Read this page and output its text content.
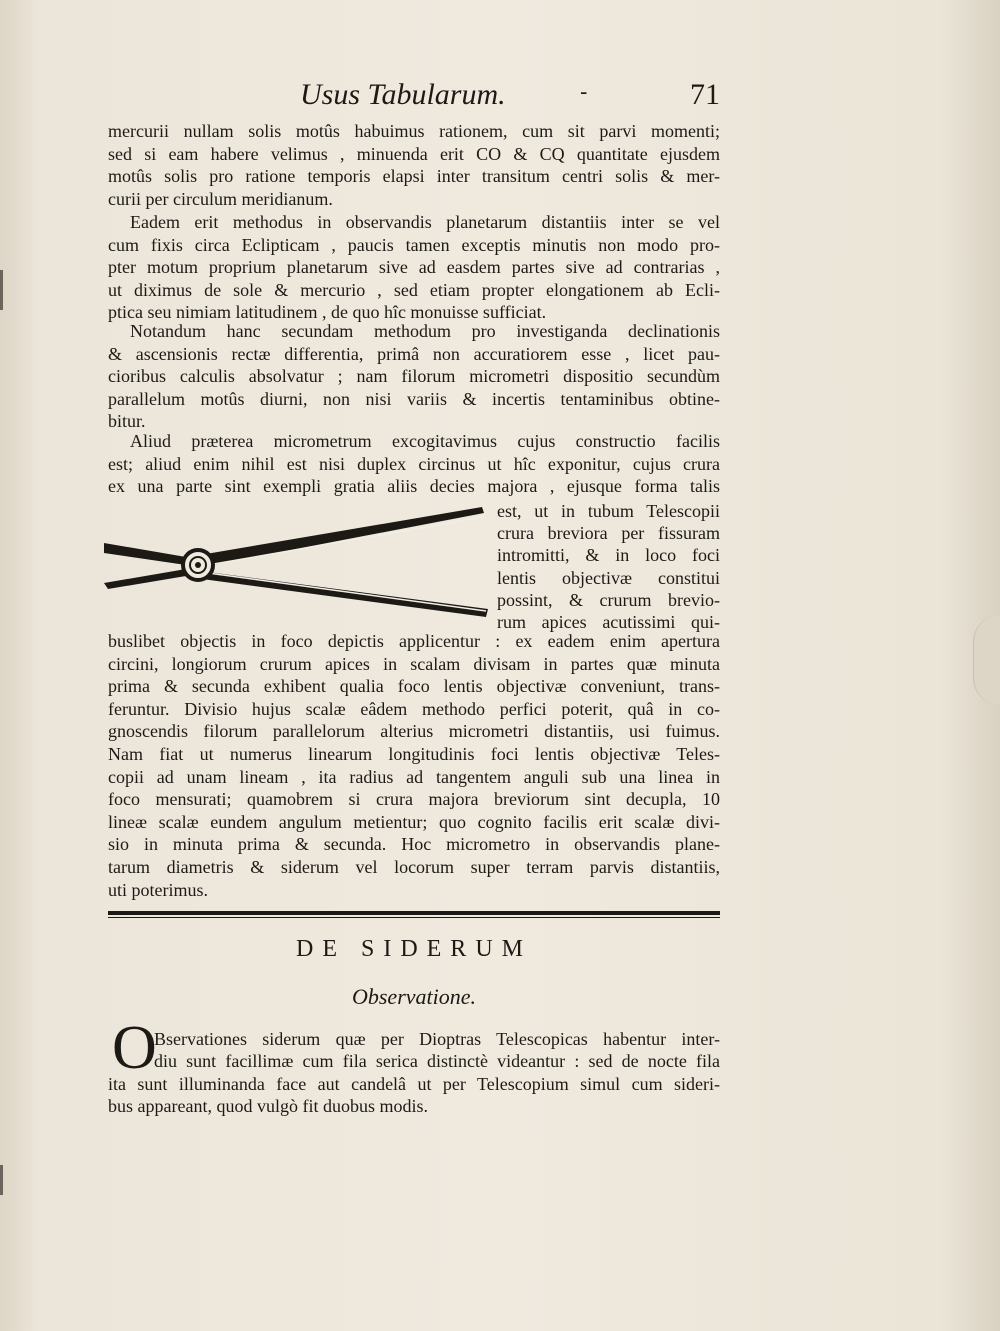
Usus Tabularum.	-	71
mercurii nullam solis motûs habuimus rationem, cum sit parvi momenti;
sed si eam habere velimus , minuenda erit CO & CQ quantitate ejusdem
motûs solis pro ratione temporis elapsi inter transitum centri solis & mer-
curii per circulum meridianum.
Eadem erit methodus in observandis planetarum distantiis inter se vel
cum fixis circa Eclipticam , paucis tamen exceptis minutis non modo pro-
pter motum proprium planetarum sive ad easdem partes sive ad contrarias ,
ut diximus de sole & mercurio , sed etiam propter elongationem ab Ecli-
ptica seu nimiam latitudinem , de quo hîc monuisse sufficiat.
Notandum hanc secundam methodum pro investiganda declinationis
& ascensionis rectæ differentia, primâ non accuratiorem esse , licet pau-
cioribus calculis absolvatur ; nam filorum micrometri dispositio secundùm
parallelum motûs diurni, non nisi variis & incertis tentaminibus obtine-
bitur.
Aliud præterea micrometrum excogitavimus cujus constructio facilis
est; aliud enim nihil est nisi duplex circinus ut hîc exponitur, cujus crura
ex una parte sint exempli gratia aliis decies majora , ejusque forma talis
est, ut in tubum Telescopii
crura breviora per fissuram
intromitti, & in loco foci
lentis objectivæ constitui
possint, & crurum brevio-
rum apices acutissimi qui-
buslibet objectis in foco depictis applicentur : ex eadem enim apertura
circini, longiorum crurum apices in scalam divisam in partes quæ minuta
prima & secunda exhibent qualia foco lentis objectivæ conveniunt, trans-
feruntur. Divisio hujus scalæ eâdem methodo perfici poterit, quâ in co-
gnoscendis filorum parallelorum alterius micrometri distantiis, usi fuimus.
Nam fiat ut numerus linearum longitudinis foci lentis objectivæ Teles-
copii ad unam lineam , ita radius ad tangentem anguli sub una linea in
foco mensurati; quamobrem si crura majora breviorum sint decupla, 10
lineæ scalæ eundem angulum metientur; quo cognito facilis erit scalæ divi-
sio in minuta prima & secunda. Hoc micrometro in observandis plane-
tarum diametris & siderum vel locorum super terram parvis distantiis,
uti poterimus.
DE SIDERUM
Observatione.
O
Bservationes siderum quæ per Dioptras Telescopicas habentur inter-
diu sunt facillimæ cum fila serica distinctè videantur : sed de nocte fila
ita sunt illuminanda face aut candelâ ut per Telescopium simul cum sideri-
bus appareant, quod vulgò fit duobus modis.
